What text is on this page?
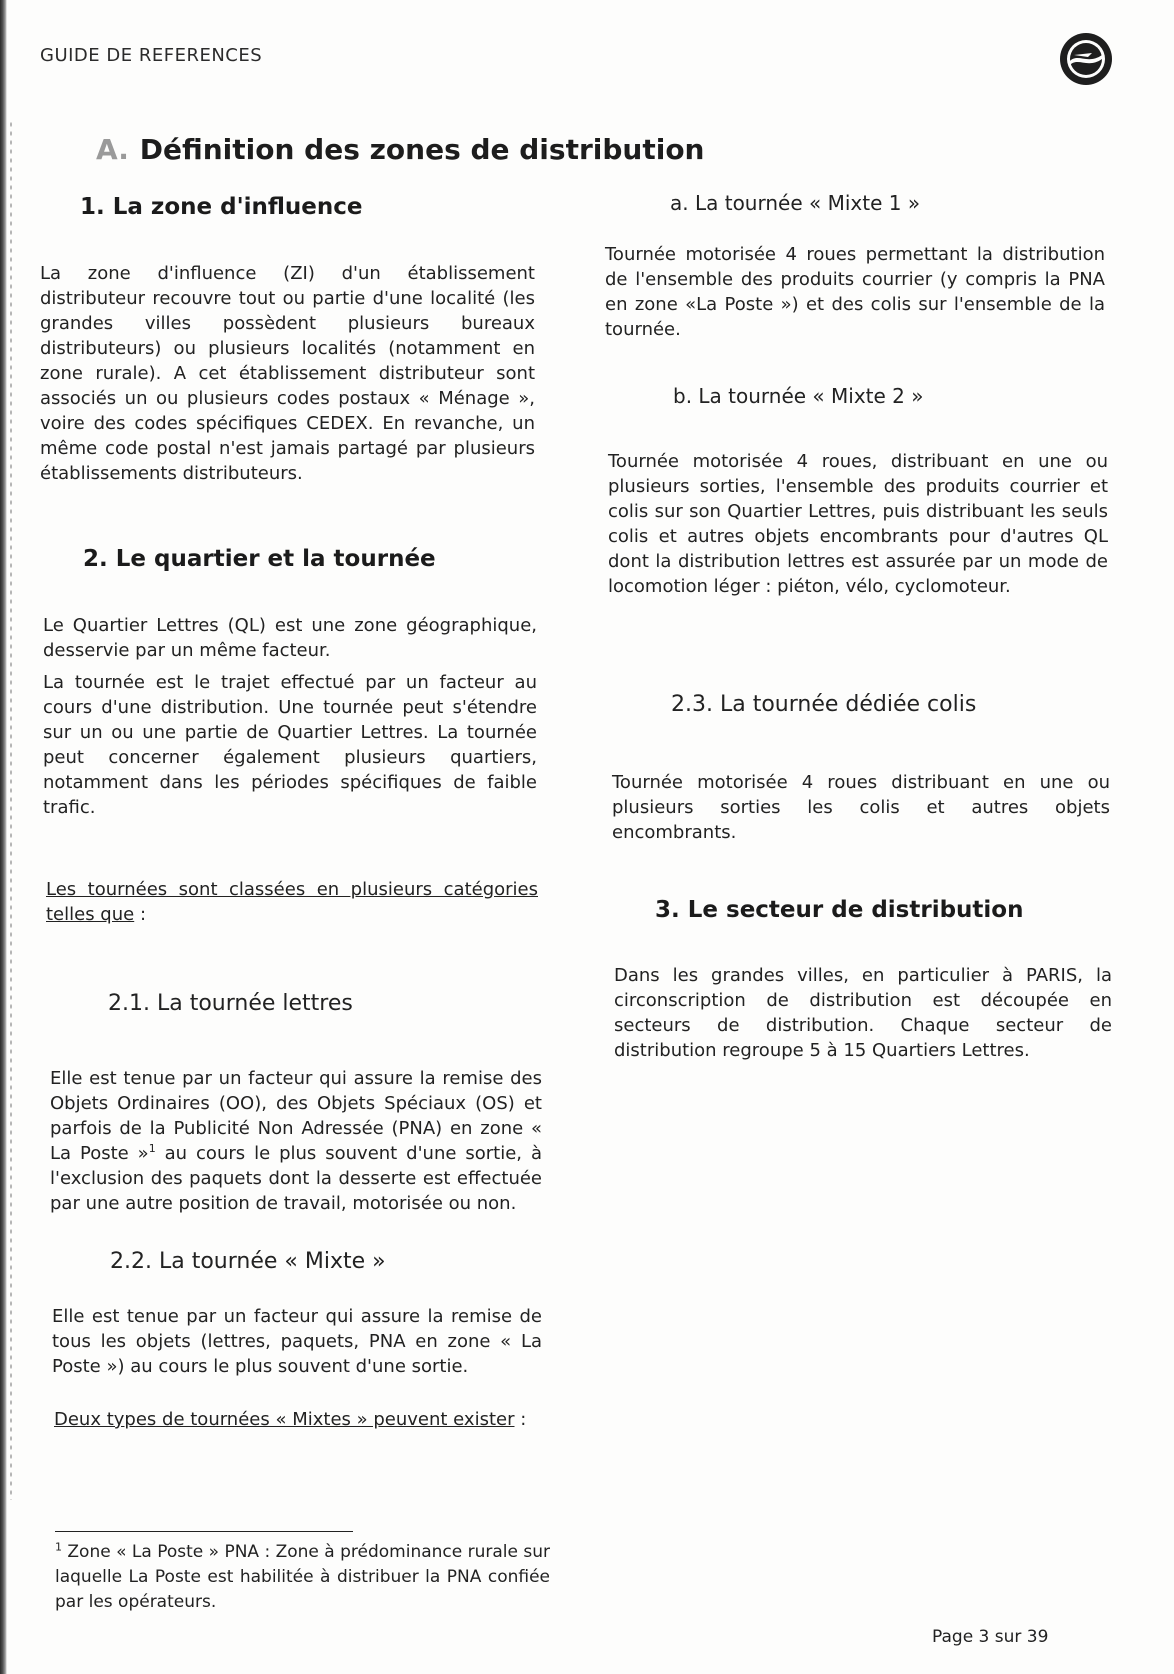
GUIDE DE REFERENCES
A. Définition des zones de distribution
1. La zone d'influence

La zone d'influence (ZI) d'un établissement distributeur recouvre tout ou partie d'une localité (les grandes villes possèdent plusieurs bureaux distributeurs) ou plusieurs localités (notamment en zone rurale). A cet établissement distributeur sont associés un ou plusieurs codes postaux « Ménage », voire des codes spécifiques CEDEX. En revanche, un même code postal n'est jamais partagé par plusieurs établissements distributeurs.

2. Le quartier et la tournée

Le Quartier Lettres (QL) est une zone géographique, desservie par un même facteur.

La tournée est le trajet effectué par un facteur au cours d'une distribution. Une tournée peut s'étendre sur un ou une partie de Quartier Lettres. La tournée peut concerner également plusieurs quartiers, notamment dans les périodes spécifiques de faible trafic.

Les tournées sont classées en plusieurs catégories telles que :

2.1. La tournée lettres

Elle est tenue par un facteur qui assure la remise des Objets Ordinaires (OO), des Objets Spéciaux (OS) et parfois de la Publicité Non Adressée (PNA) en zone « La Poste »$^1$ au cours le plus souvent d'une sortie, à l'exclusion des paquets dont la desserte est effectuée par une autre position de travail, motorisée ou non.

2.2. La tournée « Mixte »

Elle est tenue par un facteur qui assure la remise de tous les objets (lettres, paquets, PNA en zone « La Poste ») au cours le plus souvent d'une sortie.

Deux types de tournées « Mixtes » peuvent exister :

a. La tournée « Mixte 1 »

Tournée motorisée 4 roues permettant la distribution de l'ensemble des produits courrier (y compris la PNA en zone «La Poste ») et des colis sur l'ensemble de la tournée.

b. La tournée « Mixte 2 »

Tournée motorisée 4 roues, distribuant en une ou plusieurs sorties, l'ensemble des produits courrier et colis sur son Quartier Lettres, puis distribuant les seuls colis et autres objets encombrants pour d'autres QL dont la distribution lettres est assurée par un mode de locomotion léger : piéton, vélo, cyclomoteur.

2.3. La tournée dédiée colis

Tournée motorisée 4 roues distribuant en une ou plusieurs sorties les colis et autres objets encombrants.

3. Le secteur de distribution

Dans les grandes villes, en particulier à PARIS, la circonscription de distribution est découpée en secteurs de distribution. Chaque secteur de distribution regroupe 5 à 15 Quartiers Lettres.

$^1$ Zone « La Poste » PNA : Zone à prédominance rurale sur laquelle La Poste est habilitée à distribuer la PNA confiée par les opérateurs.

Page 3 sur 39
